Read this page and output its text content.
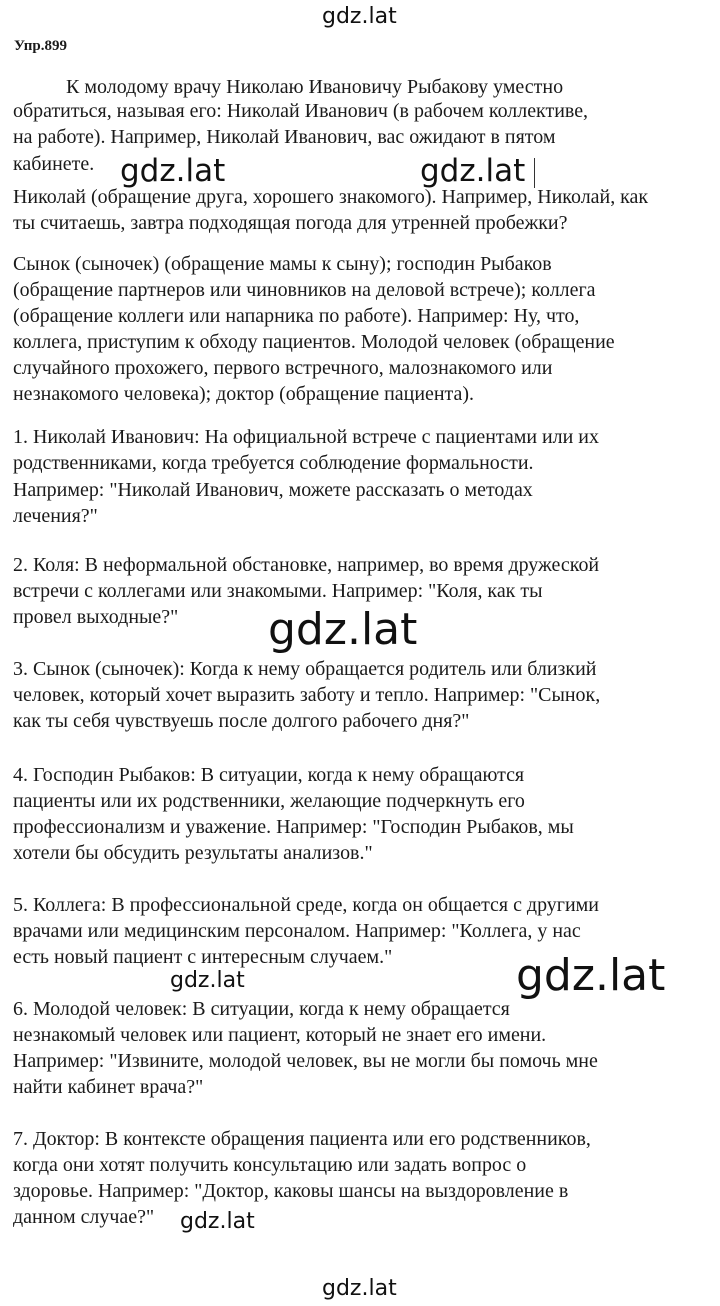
gdz.lat
gdz.lat	gdz.lat
gdz.lat
gdz.lat
gdz.lat
gdz.lat
gdz.lat
Упр.899
К молодому врачу Николаю Ивановичу Рыбакову уместно
обратиться, называя его: Николай Иванович (в рабочем коллективе,
на работе). Например, Николай Иванович, вас ожидают в пятом
кабинете.
Николай (обращение друга, хорошего знакомого). Например, Николай, как
ты считаешь, завтра подходящая погода для утренней пробежки?
Сынок (сыночек) (обращение мамы к сыну); господин Рыбаков
(обращение партнеров или чиновников на деловой встрече); коллега
(обращение коллеги или напарника по работе). Например: Ну, что,
коллега, приступим к обходу пациентов. Молодой человек (обращение
случайного прохожего, первого встречного, малознакомого или
незнакомого человека); доктор (обращение пациента).
1. Николай Иванович: На официальной встрече с пациентами или их
родственниками, когда требуется соблюдение формальности.
Например: "Николай Иванович, можете рассказать о методах
лечения?"
2. Коля: В неформальной обстановке, например, во время дружеской
встречи с коллегами или знакомыми. Например: "Коля, как ты
провел выходные?"
3. Сынок (сыночек): Когда к нему обращается родитель или близкий
человек, который хочет выразить заботу и тепло. Например: "Сынок,
как ты себя чувствуешь после долгого рабочего дня?"
4. Господин Рыбаков: В ситуации, когда к нему обращаются
пациенты или их родственники, желающие подчеркнуть его
профессионализм и уважение. Например: "Господин Рыбаков, мы
хотели бы обсудить результаты анализов."
5. Коллега: В профессиональной среде, когда он общается с другими
врачами или медицинским персоналом. Например: "Коллега, у нас
есть новый пациент с интересным случаем."
6. Молодой человек: В ситуации, когда к нему обращается
незнакомый человек или пациент, который не знает его имени.
Например: "Извините, молодой человек, вы не могли бы помочь мне
найти кабинет врача?"
7. Доктор: В контексте обращения пациента или его родственников,
когда они хотят получить консультацию или задать вопрос о
здоровье. Например: "Доктор, каковы шансы на выздоровление в
данном случае?"
